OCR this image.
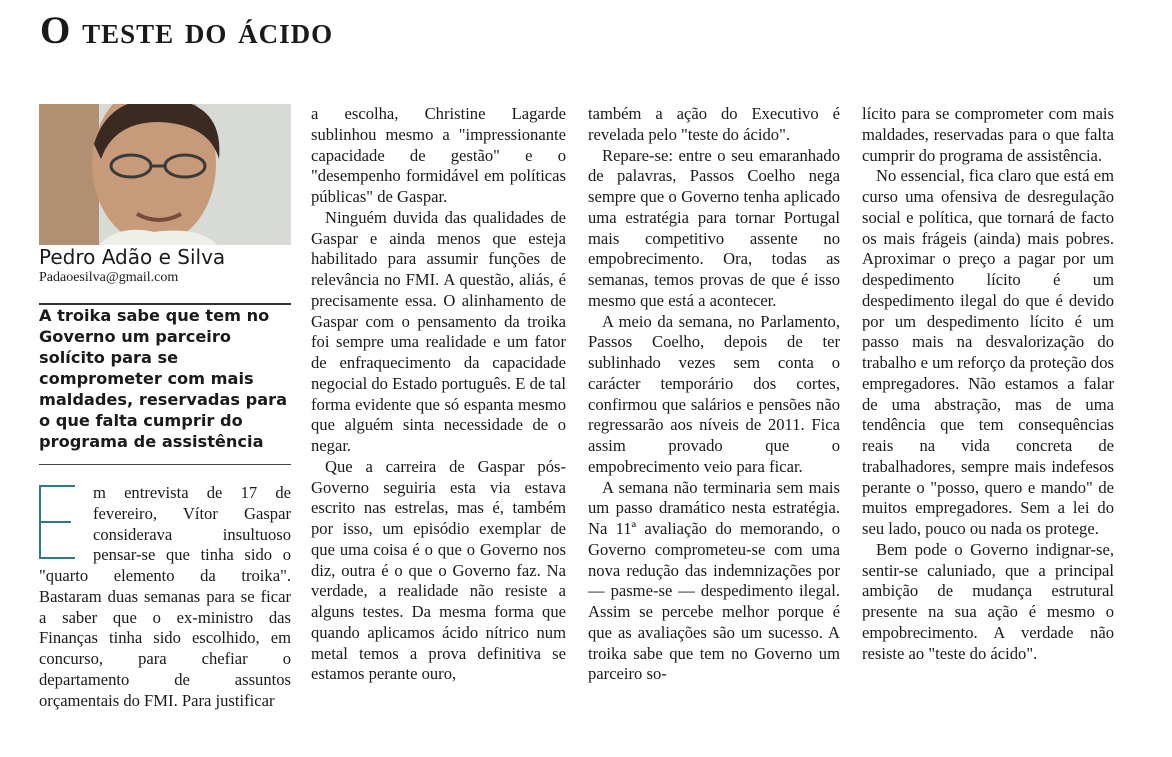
O teste do ácido

Pedro Adão e Silva

Padaoesilva@gmail.com

A troika sabe que tem no Governo um parceiro solícito para se comprometer com mais maldades, reservadas para o que falta cumprir do programa de assistência

m entrevista de 17 de fevereiro, Vítor Gaspar considerava insultuoso pensar-se que tinha sido o "quarto elemento da troika". Bastaram duas semanas para se ficar a saber que o ex-ministro das Finanças tinha sido escolhido, em concurso, para chefiar o departamento de assuntos orçamentais do FMI. Para justificar

a escolha, Christine Lagarde sublinhou mesmo a "impressionante capacidade de gestão" e o "desempenho formidável em políticas públicas" de Gaspar.

Ninguém duvida das qualidades de Gaspar e ainda menos que esteja habilitado para assumir funções de relevância no FMI. A questão, aliás, é precisamente essa. O alinhamento de Gaspar com o pensamento da troika foi sempre uma realidade e um fator de enfraquecimento da capacidade negocial do Estado português. E de tal forma evidente que só espanta mesmo que alguém sinta necessidade de o negar.

Que a carreira de Gaspar pós-Governo seguiria esta via estava escrito nas estrelas, mas é, também por isso, um episódio exemplar de que uma coisa é o que o Governo nos diz, outra é o que o Governo faz. Na verdade, a realidade não resiste a alguns testes. Da mesma forma que quando aplicamos ácido nítrico num metal temos a prova definitiva se estamos perante ouro,

também a ação do Executivo é revelada pelo "teste do ácido".

Repare-se: entre o seu emaranhado de palavras, Passos Coelho nega sempre que o Governo tenha aplicado uma estratégia para tornar Portugal mais competitivo assente no empobrecimento. Ora, todas as semanas, temos provas de que é isso mesmo que está a acontecer.

A meio da semana, no Parlamento, Passos Coelho, depois de ter sublinhado vezes sem conta o carácter temporário dos cortes, confirmou que salários e pensões não regressarão aos níveis de 2011. Fica assim provado que o empobrecimento veio para ficar.

A semana não terminaria sem mais um passo dramático nesta estratégia. Na 11ª avaliação do memorando, o Governo comprometeu-se com uma nova redução das indemnizações por — pasme-se — despedimento ilegal. Assim se percebe melhor porque é que as avaliações são um sucesso. A troika sabe que tem no Governo um parceiro so-

lícito para se comprometer com mais maldades, reservadas para o que falta cumprir do programa de assistência.

No essencial, fica claro que está em curso uma ofensiva de desregulação social e política, que tornará de facto os mais frágeis (ainda) mais pobres. Aproximar o preço a pagar por um despedimento lícito é um despedimento ilegal do que é devido por um despedimento lícito é um passo mais na desvalorização do trabalho e um reforço da proteção dos empregadores. Não estamos a falar de uma abstração, mas de uma tendência que tem consequências reais na vida concreta de trabalhadores, sempre mais indefesos perante o "posso, quero e mando" de muitos empregadores. Sem a lei do seu lado, pouco ou nada os protege.

Bem pode o Governo indignar-se, sentir-se caluniado, que a principal ambição de mudança estrutural presente na sua ação é mesmo o empobrecimento. A verdade não resiste ao "teste do ácido".
